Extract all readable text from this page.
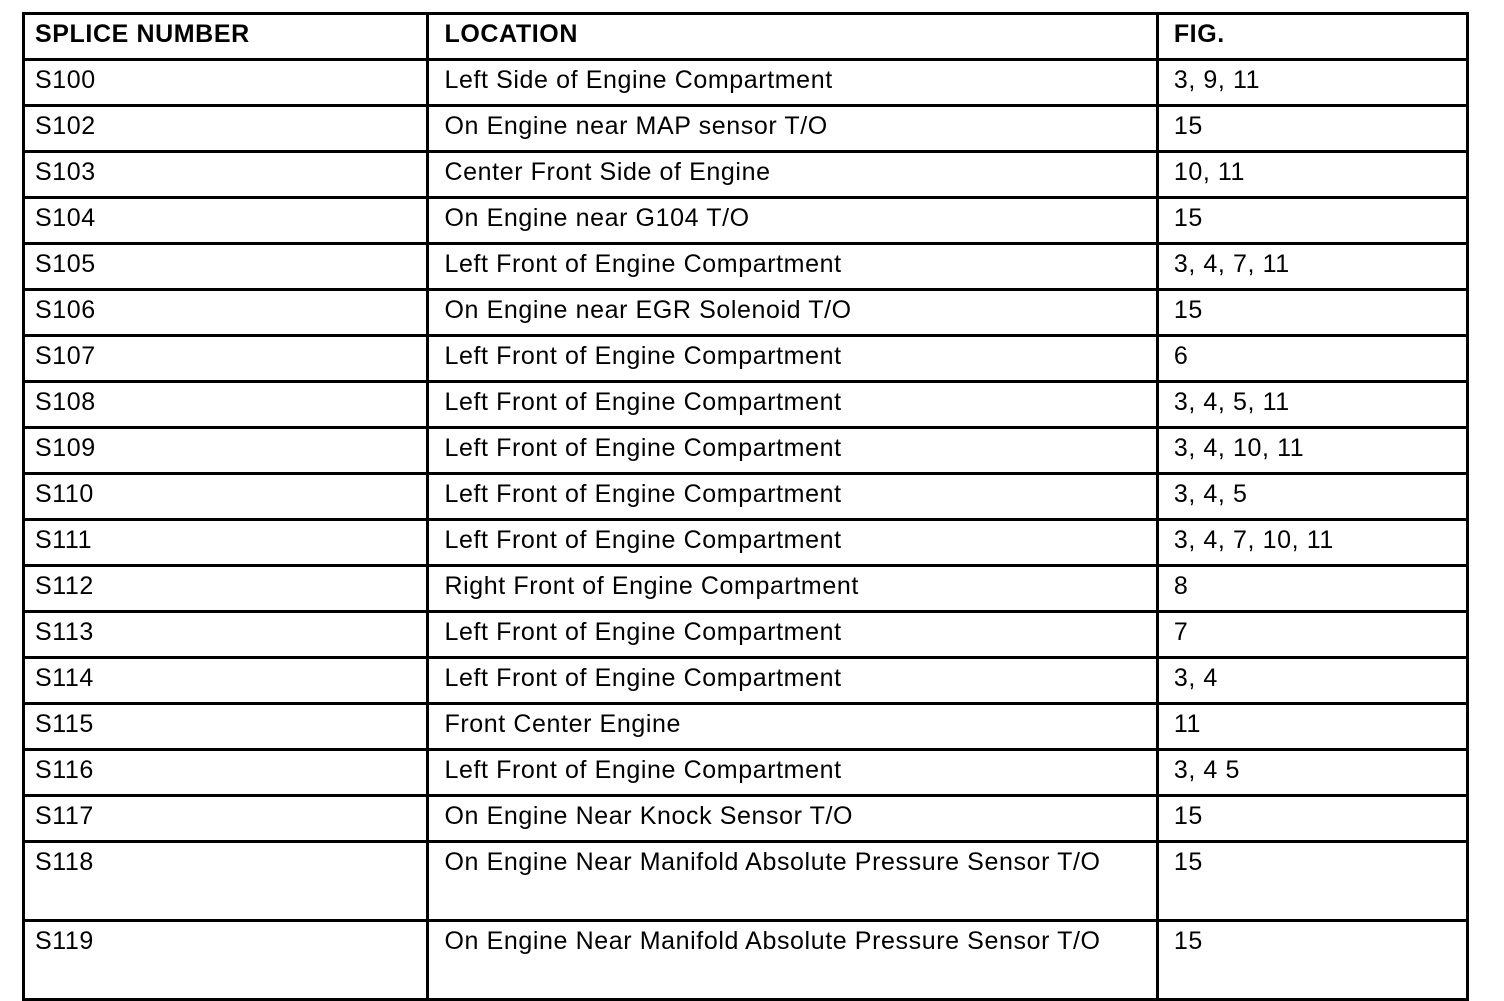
SPLICE NUMBER	LOCATION	FIG.
S100	Left Side of Engine Compartment	3, 9, 11
S102	On Engine near MAP sensor T/O	15
S103	Center Front Side of Engine	10, 11
S104	On Engine near G104 T/O	15
S105	Left Front of Engine Compartment	3, 4, 7, 11
S106	On Engine near EGR Solenoid T/O	15
S107	Left Front of Engine Compartment	6
S108	Left Front of Engine Compartment	3, 4, 5, 11
S109	Left Front of Engine Compartment	3, 4, 10, 11
S110	Left Front of Engine Compartment	3, 4, 5
S111	Left Front of Engine Compartment	3, 4, 7, 10, 11
S112	Right Front of Engine Compartment	8
S113	Left Front of Engine Compartment	7
S114	Left Front of Engine Compartment	3, 4
S115	Front Center Engine	11
S116	Left Front of Engine Compartment	3, 4 5
S117	On Engine Near Knock Sensor T/O	15
S118	On Engine Near Manifold Absolute Pressure Sensor T/O	15
S119	On Engine Near Manifold Absolute Pressure Sensor T/O	15
